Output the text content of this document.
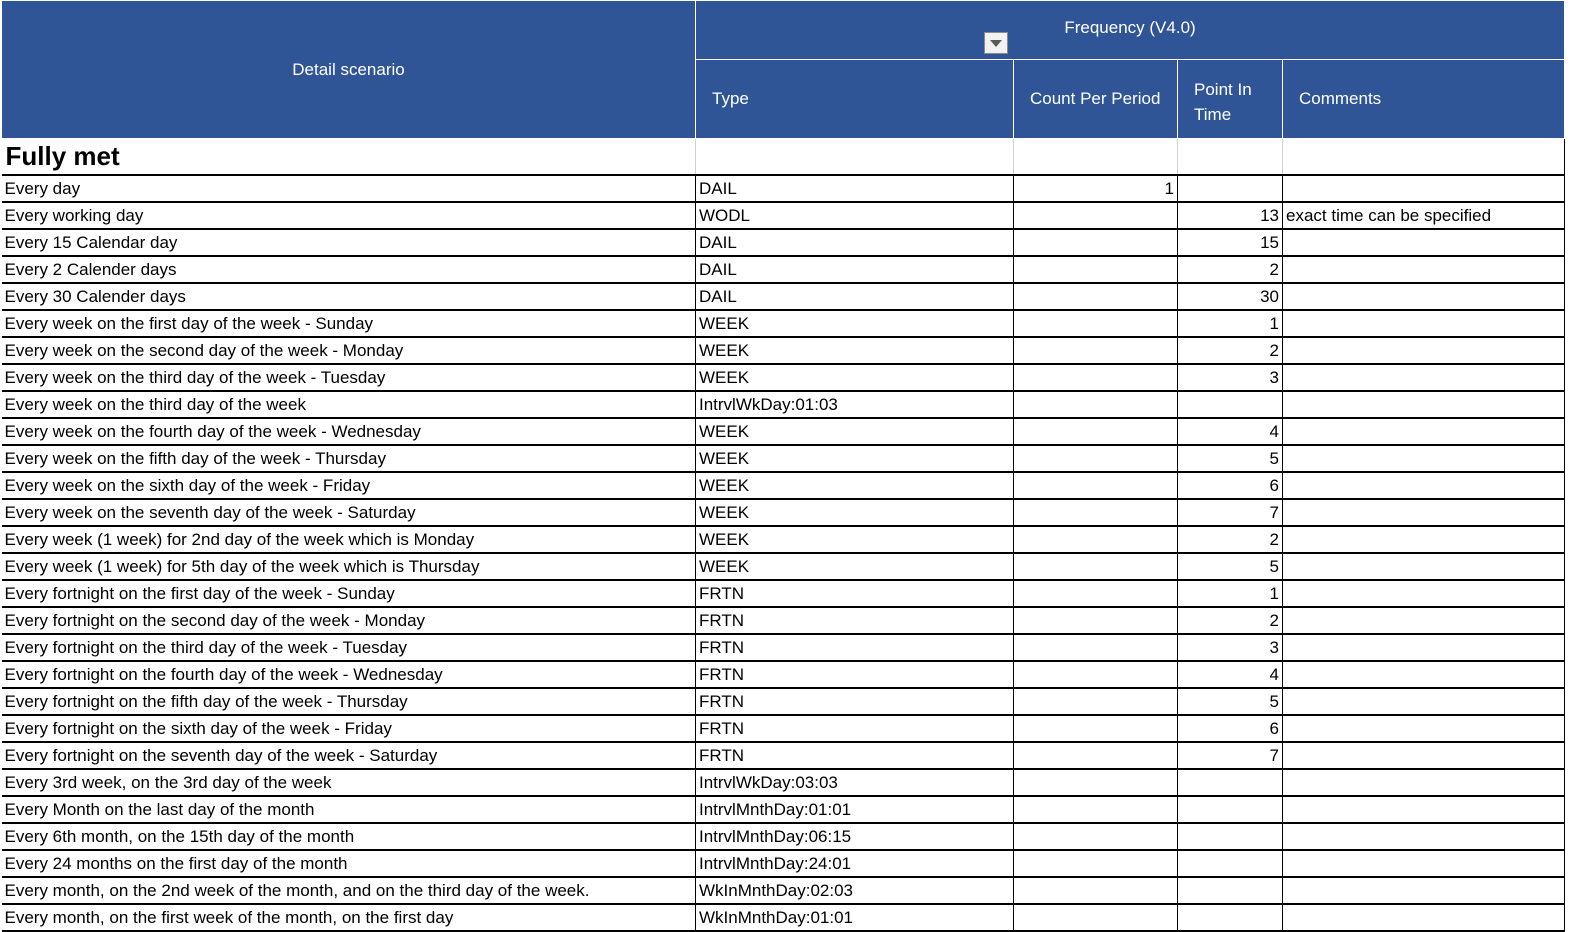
Detail scenario	Frequency (V4.0)			

	Type	Count Per Period	Point In Time	Comments
Fully met				
Every day	DAIL	1		
Every working day	WODL		13	exact time can be specified
Every 15 Calendar day	DAIL		15	
Every 2 Calender days	DAIL		2	
Every 30 Calender days	DAIL		30	
Every week on the first day of the week - Sunday	WEEK		1	
Every week on the second day of the week - Monday	WEEK		2	
Every week on the third day of the week - Tuesday	WEEK		3	
Every week on the third day of the week	IntrvlWkDay:01:03			
Every week on the fourth day of the week - Wednesday	WEEK		4	
Every week on the fifth day of the week - Thursday	WEEK		5	
Every week on the sixth day of the week - Friday	WEEK		6	
Every week on the seventh day of the week - Saturday	WEEK		7	
Every week (1 week) for 2nd day of the week which is Monday	WEEK		2	
Every week (1 week) for 5th day of the week which is Thursday	WEEK		5	
Every fortnight on the first day of the week - Sunday	FRTN		1	
Every fortnight on the second day of the week - Monday	FRTN		2	
Every fortnight on the third day of the week - Tuesday	FRTN		3	
Every fortnight on the fourth day of the week - Wednesday	FRTN		4	
Every fortnight on the fifth day of the week - Thursday	FRTN		5	
Every fortnight on the sixth day of the week - Friday	FRTN		6	
Every fortnight on the seventh day of the week - Saturday	FRTN		7	
Every 3rd week, on the 3rd day of the week	IntrvlWkDay:03:03			
Every Month on the last day of the month	IntrvlMnthDay:01:01			
Every 6th month, on the 15th day of the month	IntrvlMnthDay:06:15			
Every 24 months on the first day of the month	IntrvlMnthDay:24:01			
Every month, on the 2nd week of the month, and on the third day of the week.	WkInMnthDay:02:03			
Every month, on the first week of the month, on the first day	WkInMnthDay:01:01			
